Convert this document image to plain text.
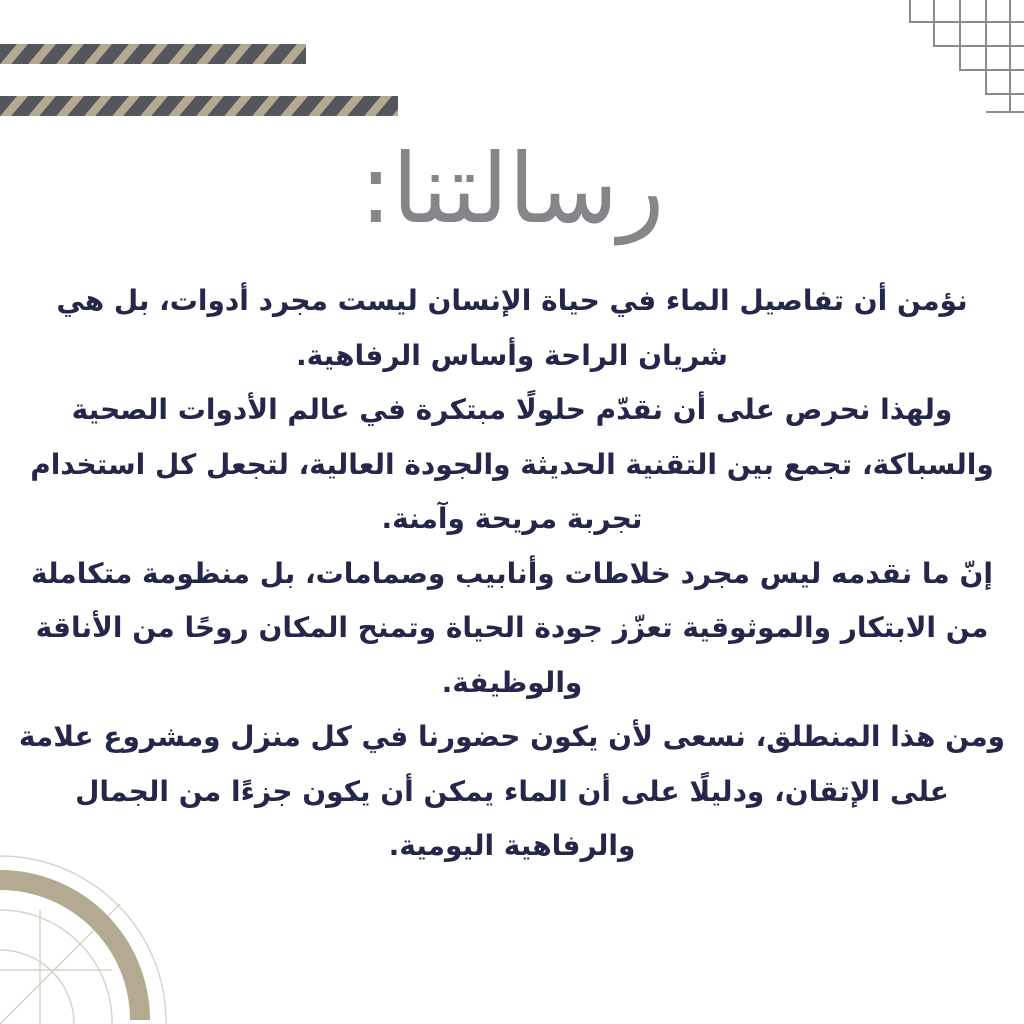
رسالتنا:

نؤمن أن تفاصيل الماء في حياة الإنسان ليست مجرد أدوات، بل هي شريان الراحة وأساس الرفاهية.

ولهذا نحرص على أن نقدّم حلولًا مبتكرة في عالم الأدوات الصحية والسباكة، تجمع بين التقنية الحديثة والجودة العالية، لتجعل كل استخدام تجربة مريحة وآمنة.

إنّ ما نقدمه ليس مجرد خلاطات وأنابيب وصمامات، بل منظومة متكاملة من الابتكار والموثوقية تعزّز جودة الحياة وتمنح المكان روحًا من الأناقة والوظيفة.

ومن هذا المنطلق، نسعى لأن يكون حضورنا في كل منزل ومشروع علامة على الإتقان، ودليلًا على أن الماء يمكن أن يكون جزءًا من الجمال والرفاهية اليومية.
